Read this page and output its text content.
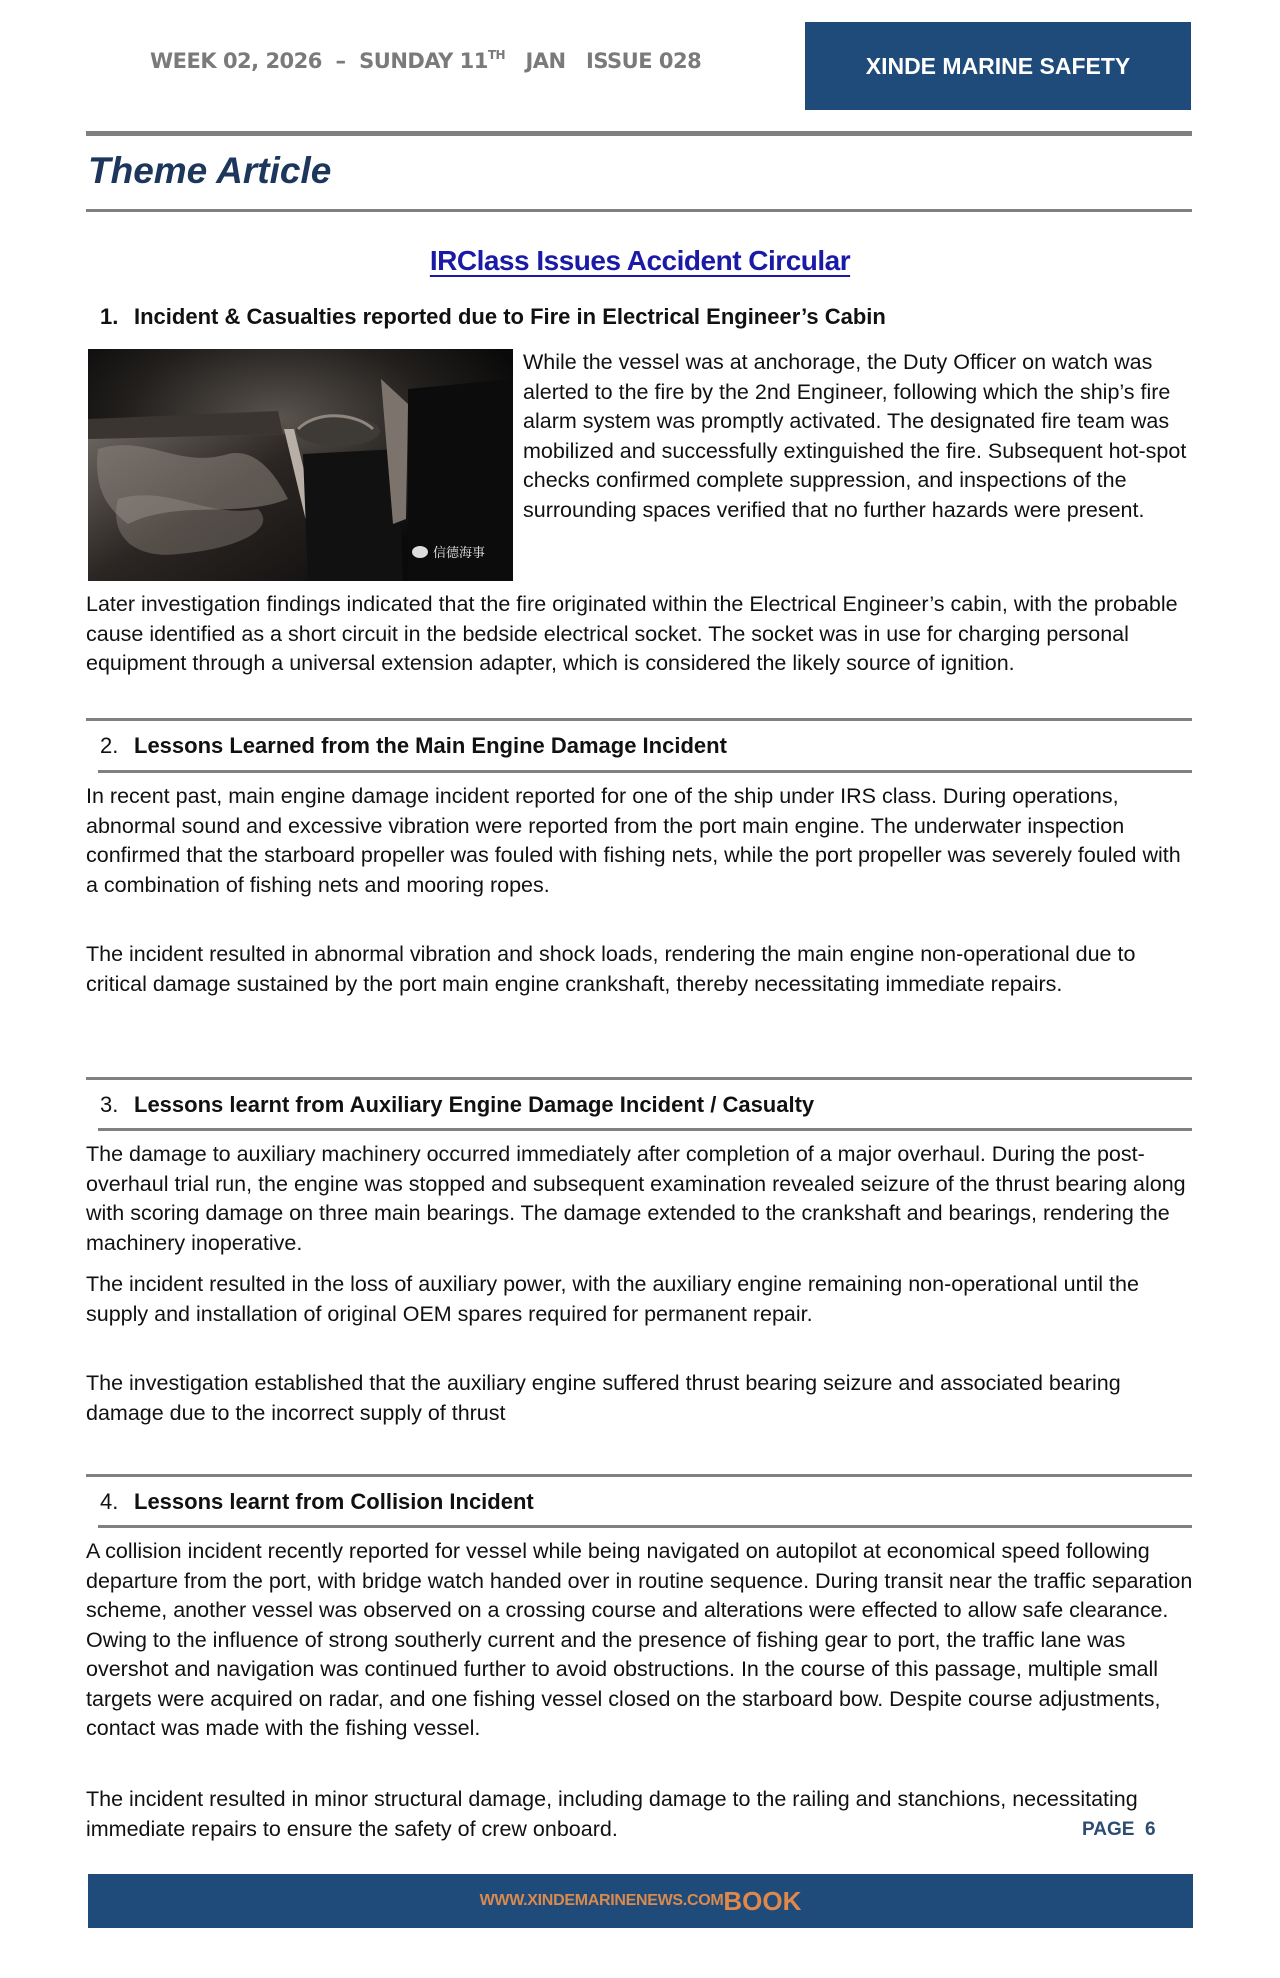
WEEK 02, 2026  –  SUNDAY 11TH   JAN   ISSUE 028	XINDE MARINE SAFETY
Theme Article
IRClass Issues Accident Circular
1. Incident & Casualties reported due to Fire in Electrical Engineer’s Cabin
信德海事
While the vessel was at anchorage, the Duty Officer on watch was alerted to the fire by the 2nd Engineer, following which the ship’s fire alarm system was promptly activated. The designated fire team was mobilized and successfully extinguished the fire. Subsequent hot-spot checks confirmed complete suppression, and inspections of the surrounding spaces verified that no further hazards were present.
Later investigation findings indicated that the fire originated within the Electrical Engineer’s cabin, with the probable cause identified as a short circuit in the bedside electrical socket. The socket was in use for charging personal equipment through a universal extension adapter, which is considered the likely source of ignition.
2. Lessons Learned from the Main Engine Damage Incident
In recent past, main engine damage incident reported for one of the ship under IRS class. During operations, abnormal sound and excessive vibration were reported from the port main engine. The underwater inspection confirmed that the starboard propeller was fouled with fishing nets, while the port propeller was severely fouled with a combination of fishing nets and mooring ropes.
The incident resulted in abnormal vibration and shock loads, rendering the main engine non-operational due to critical damage sustained by the port main engine crankshaft, thereby necessitating immediate repairs.
3. Lessons learnt from Auxiliary Engine Damage Incident / Casualty
The damage to auxiliary machinery occurred immediately after completion of a major overhaul. During the post-overhaul trial run, the engine was stopped and subsequent examination revealed seizure of the thrust bearing along with scoring damage on three main bearings. The damage extended to the crankshaft and bearings, rendering the machinery inoperative.
The incident resulted in the loss of auxiliary power, with the auxiliary engine remaining non-operational until the supply and installation of original OEM spares required for permanent repair.
The investigation established that the auxiliary engine suffered thrust bearing seizure and associated bearing damage due to the incorrect supply of thrust
4. Lessons learnt from Collision Incident
A collision incident recently reported for vessel while being navigated on autopilot at economical speed following departure from the port, with bridge watch handed over in routine sequence. During transit near the traffic separation scheme, another vessel was observed on a crossing course and alterations were effected to allow safe clearance. Owing to the influence of strong southerly current and the presence of fishing gear to port, the traffic lane was overshot and navigation was continued further to avoid obstructions. In the course of this passage, multiple small targets were acquired on radar, and one fishing vessel closed on the starboard bow. Despite course adjustments, contact was made with the fishing vessel.
The incident resulted in minor structural damage, including damage to the railing and stanchions, necessitating immediate repairs to ensure the safety of crew onboard.	PAGE 6
WWW.XINDEMARINENEWS.COM BOOK
